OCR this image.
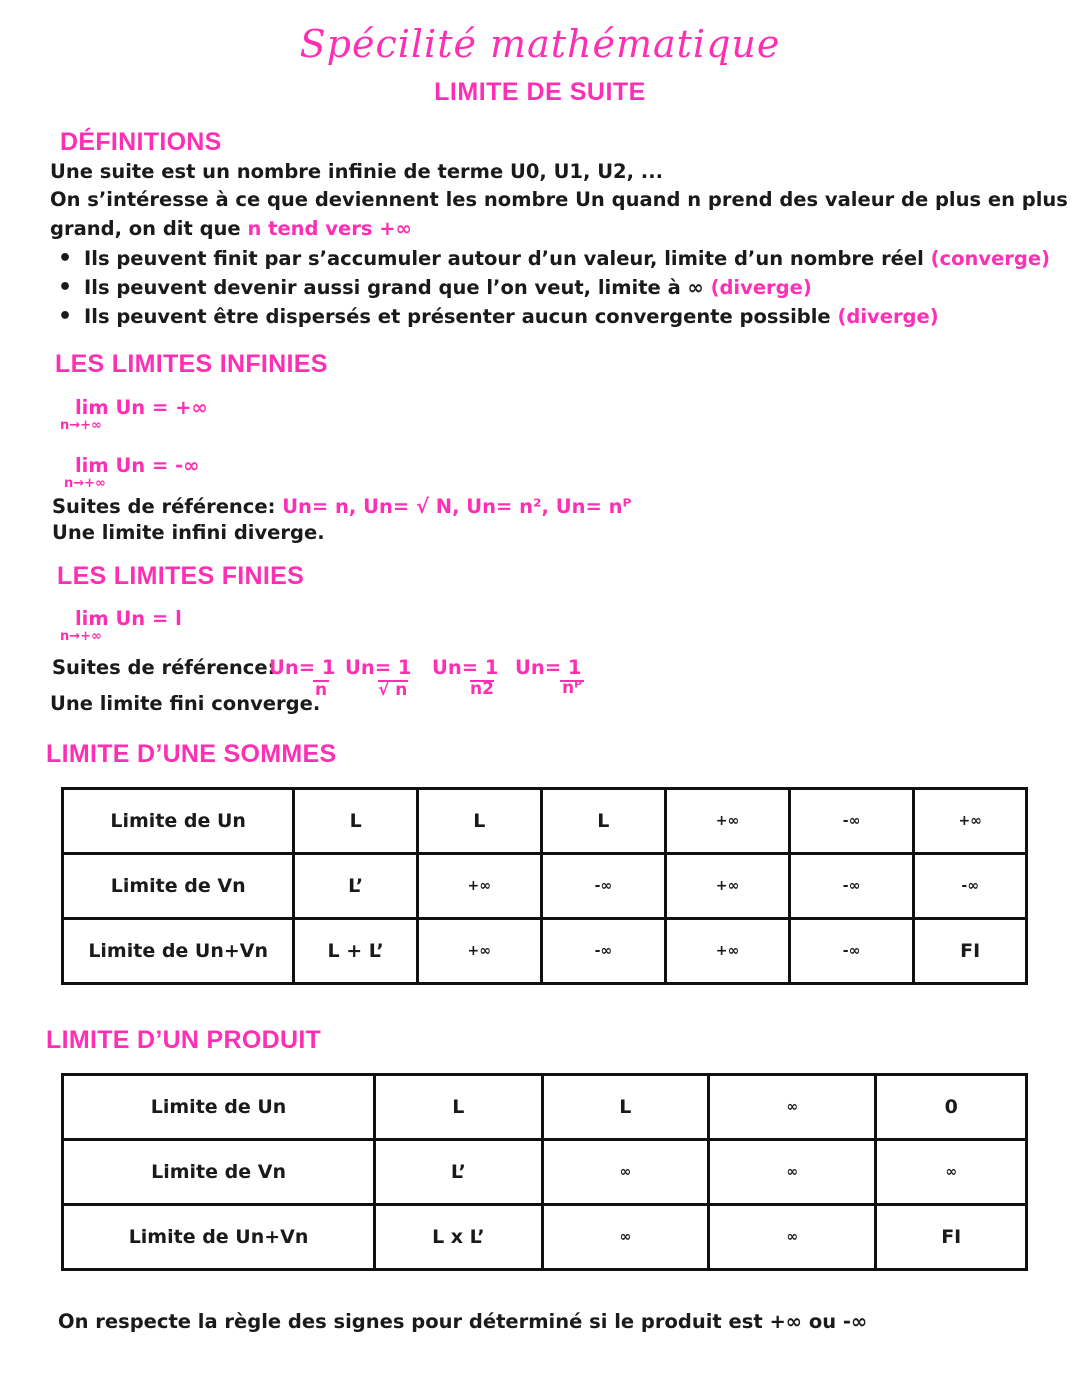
Spécilité mathématique
LIMITE DE SUITE
DÉFINITIONS
Une suite est un nombre infinie de terme U0, U1, U2, ...
On s’intéresse à ce que deviennent les nombre Un quand n prend des valeur de plus en plus
grand, on dit que n tend vers +∞
• Ils peuvent finit par s’accumuler autour d’un valeur, limite d’un nombre réel (converge)
• Ils peuvent devenir aussi grand que l’on veut, limite à ∞ (diverge)
• Ils peuvent être dispersés et présenter aucun convergente possible (diverge)
LES LIMITES INFINIES
lim Un = +∞
n→+∞
lim Un = -∞
n→+∞
Suites de référence: Un= n, Un= √ N, Un= n², Un= nᴾ
Une limite infini diverge.
LES LIMITES FINIES
lim Un = l
n→+∞
Suites de référence:
Un= 1
n
Un= 1
√ n
Un= 1
n2
Un= 1
nᴾ
Une limite fini converge.
LIMITE D’UNE SOMMES
Limite de Un	L	L	L	+∞	-∞	+∞
Limite de Vn	L’	+∞	-∞	+∞	-∞	-∞
Limite de Un+Vn	L + L’	+∞	-∞	+∞	-∞	FI
LIMITE D’UN PRODUIT
Limite de Un	L	L	∞	0
Limite de Vn	L’	∞	∞	∞
Limite de Un+Vn	L x L’	∞	∞	FI
On respecte la règle des signes pour déterminé si le produit est +∞ ou -∞
